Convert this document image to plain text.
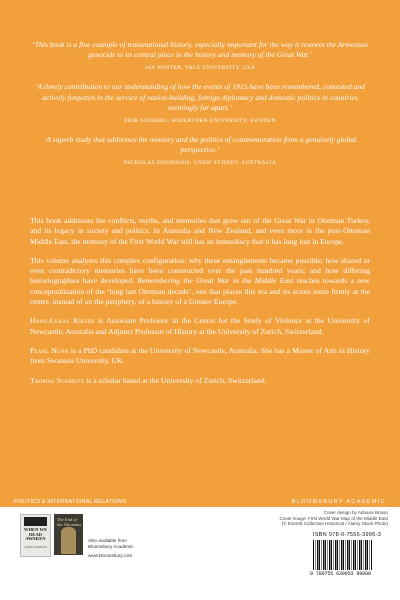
‘This book is a fine example of transnational history, especially important for the way it restores the Armenian genocide to its central place in the history and memory of the Great War.’

JAY WINTER, YALE UNIVERSITY, USA

‘A timely contribution to our understanding of how the events of 1915 have been remembered, contested and actively forgotten in the service of nation-building, foreign diplomacy and domestic politics in countries seemingly far apart.’

ERIK SJÖBERG, SÖDERTÖRN UNIVERSITY, SWEDEN

‘A superb study that addresses the memory and the politics of commemoration from a genuinely global perspective.’

NICHOLAS DOUMANIS, UNSW SYDNEY, AUSTRALIA

This book addresses the conflicts, myths, and memories that grew out of the Great War in Ottoman Turkey, and its legacy in society and politics. In Australia and New Zealand, and even more in the post-Ottoman Middle East, the memory of the First World War still has an immediacy that it has long lost in Europe.

This volume analyses this complex configuration: why these entanglements became possible; how shared or even contradictory memories have been constructed over the past hundred years; and how differing historiographies have developed. Remembering the Great War in the Middle East reaches towards a new conceptualization of the ‘long last Ottoman decade’, one that places this era and its actors more firmly at the centre, instead of on the periphery, of a history of a Greater Europe.

Hans-Lukas Kieser is Associate Professor in the Centre for the Study of Violence at the University of Newcastle, Australia and Adjunct Professor of History at the University of Zurich, Switzerland.

Pearl Nunn is a PhD candidate at the University of Newcastle, Australia. She has a Master of Arts in History from Swansea University, UK.

Thomas Schmutz is a scholar based at the University of Zurich, Switzerland.

POLITICS & INTERNATIONAL RELATIONS	BLOOMSBURY ACADEMIC
WHEN WE DEAD AWAKEN
JAMES HORTON
The End of the Ottomans
Also available from
Bloomsbury Academic
www.bloomsbury.com
Cover design by Adriana Brioso
Cover image: First World War Map of the Middle East
(© Everett Collection Historical / Alamy Stock Photo)
ISBN 978-0-7556-3995-3
9 780755 639953 90000
